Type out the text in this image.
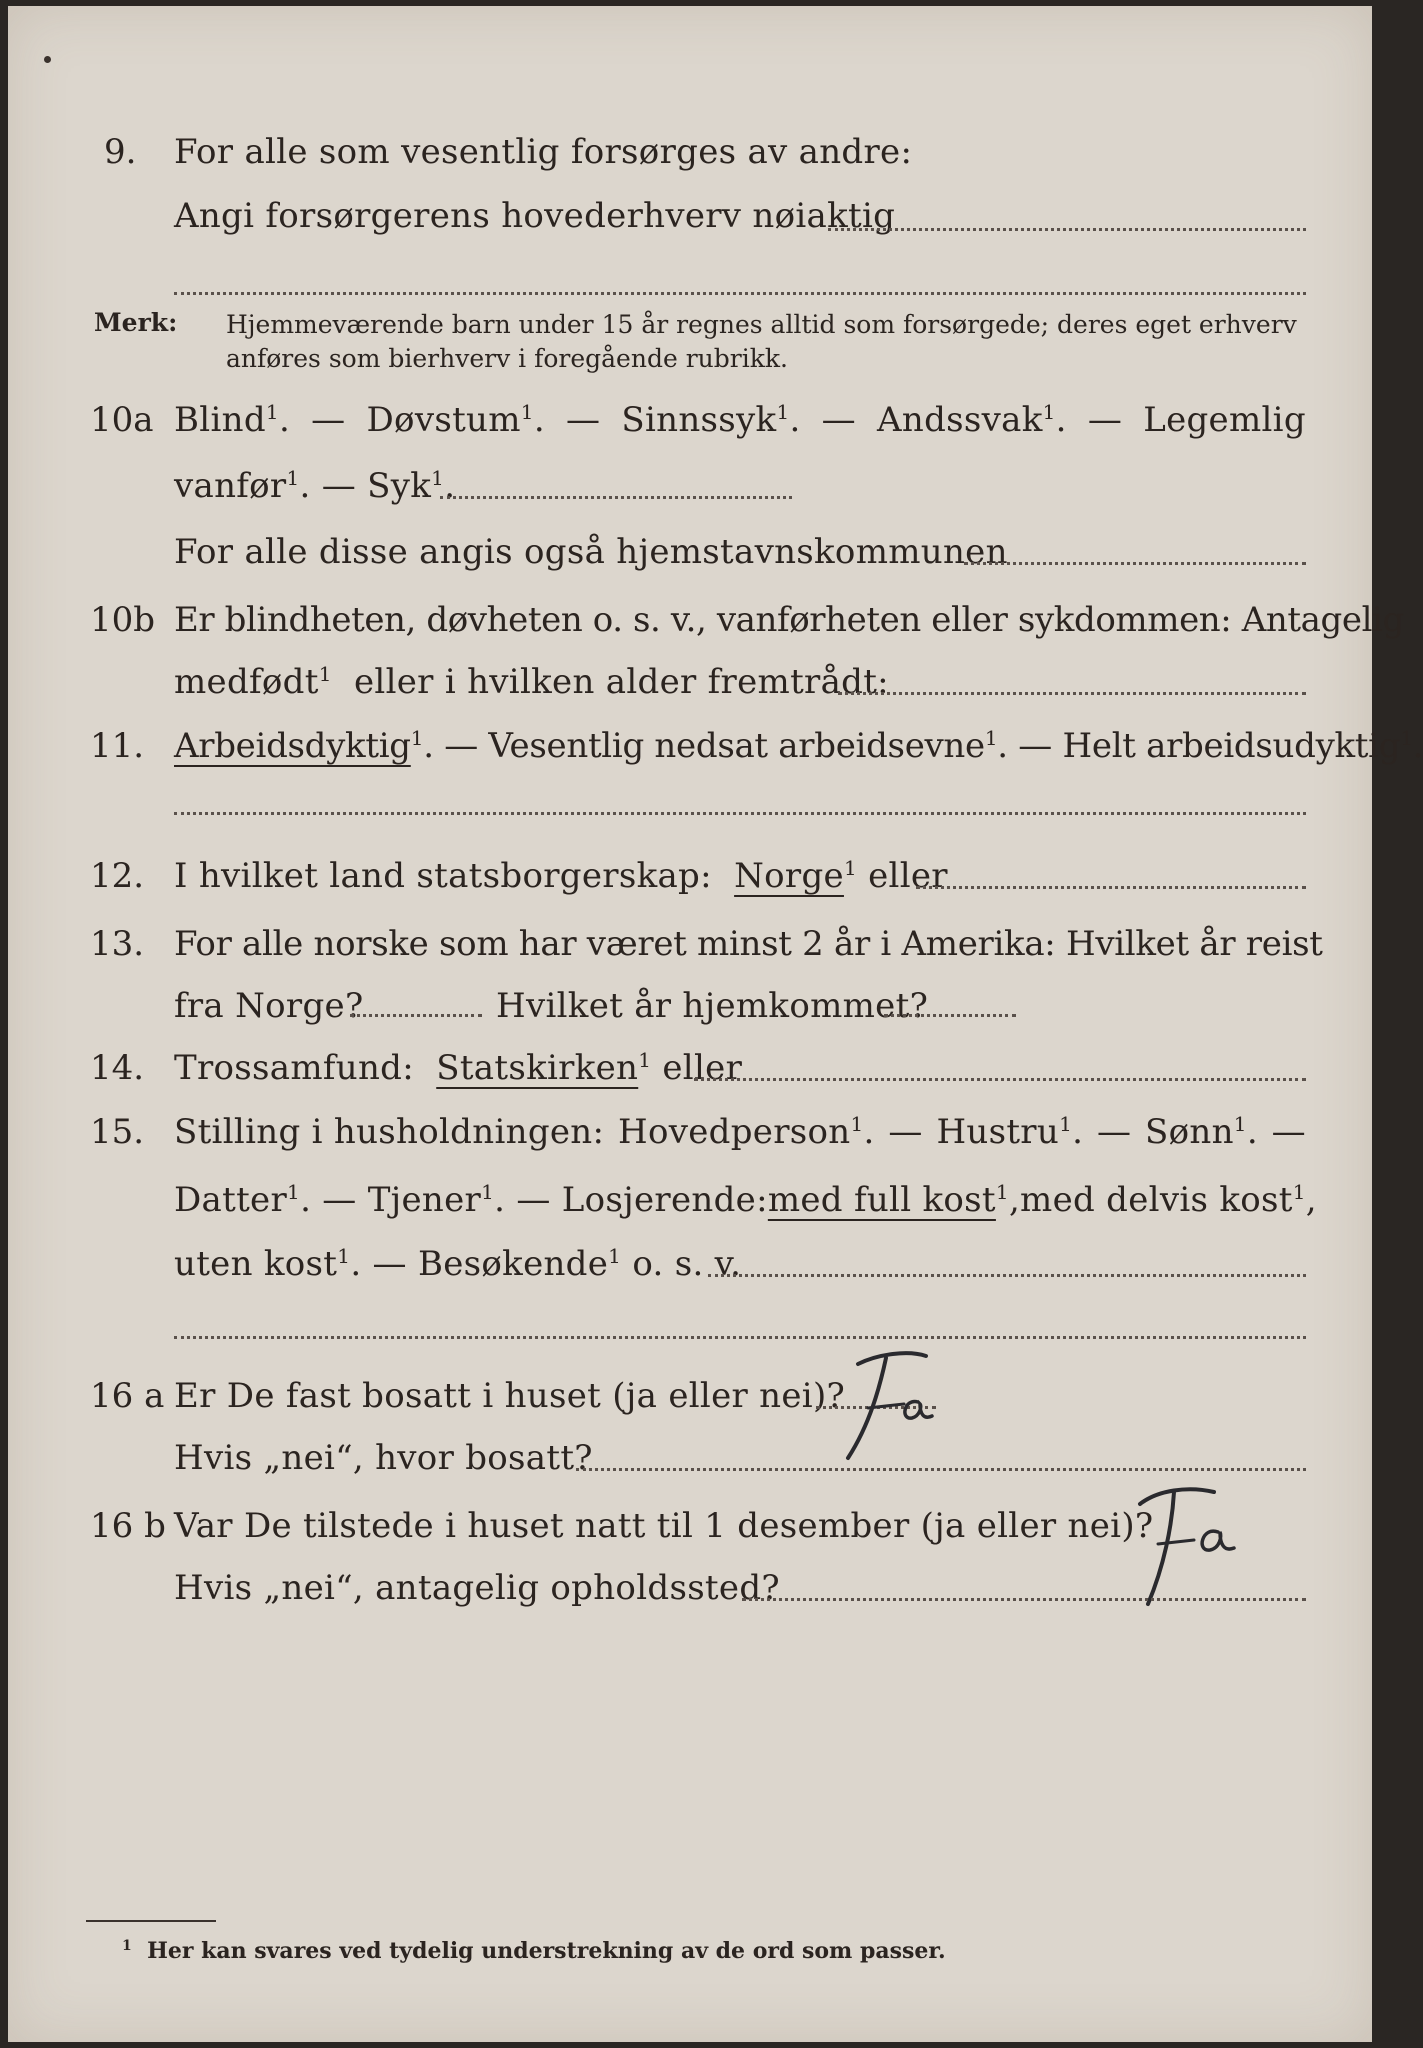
9. For alle som vesentlig forsørges av andre:
Angi forsørgerens hovederhverv nøiaktig
Merk: Hjemmeværende barn under 15 år regnes alltid som forsørgede; deres eget erhverv
anføres som bierhverv i foregående rubrikk.
10a Blind$^1$. — Døvstum$^1$. — Sinnssyk$^1$. — Andssvak$^1$. — Legemlig
vanfør$^1$. — Syk$^1$.
For alle disse angis også hjemstavnskommunen
10b Er blindheten, døvheten o. s. v., vanførheten eller sykdommen: Antagelig
medfødt$^1$ eller i hvilken alder fremtrådt:
11. Arbeidsdyktig$^1$. — Vesentlig nedsat arbeidsevne$^1$. — Helt arbeidsudyktig$^1$.
12. I hvilket land statsborgerskap: Norge$^1$ eller
13. For alle norske som har været minst 2 år i Amerika: Hvilket år reist
fra Norge?	Hvilket år hjemkommet?
14. Trossamfund: Statskirken$^1$ eller
15. Stilling i husholdningen: Hovedperson$^1$. — Hustru$^1$. — Sønn$^1$. —
Datter$^1$. — Tjener$^1$. — Losjerende: med full kost$^1$, med delvis kost$^1$,
uten kost$^1$. — Besøkende$^1$ o. s. v.
16 a Er De fast bosatt i huset (ja eller nei)?
Hvis „nei“, hvor bosatt?
16 b Var De tilstede i huset natt til 1 desember (ja eller nei)?
Hvis „nei“, antagelig opholdssted?
$^1$ Her kan svares ved tydelig understrekning av de ord som passer.
